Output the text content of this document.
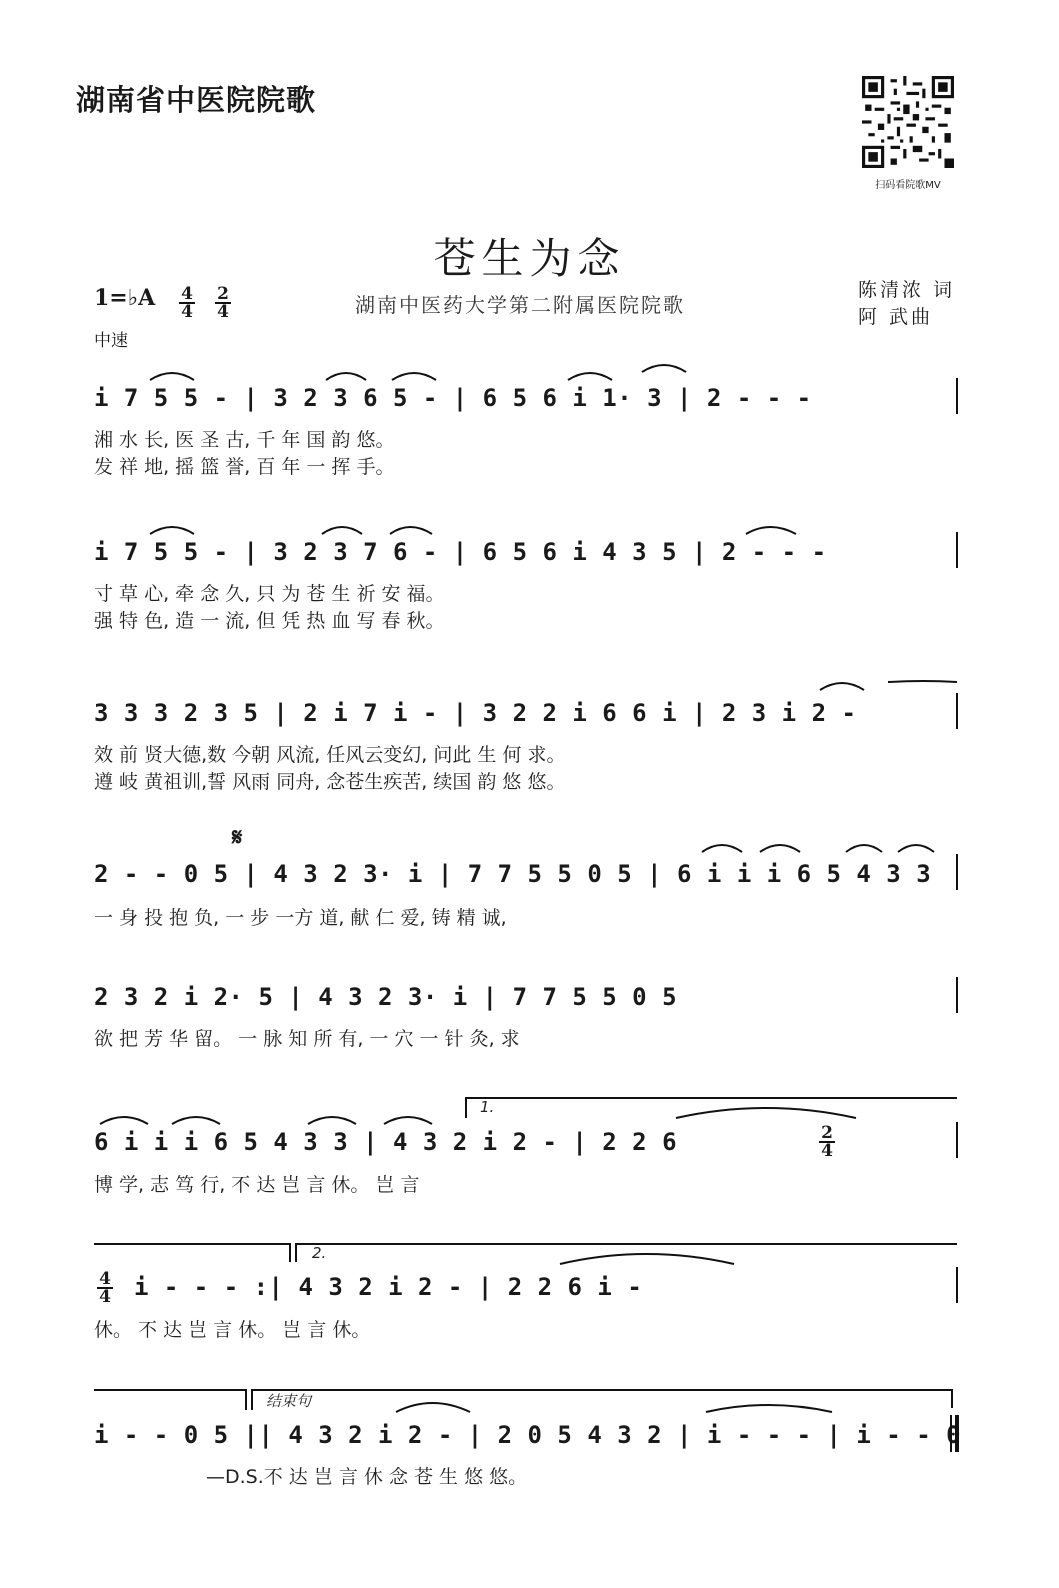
湖南省中医院院歌
扫码看院歌MV
苍生为念
湖南中医药大学第二附属医院院歌
陈清浓 词
阿 武曲
1=♭A 4
4
2
4
中速
i 7 5 5 - | 3 2 3 6 5 - | 6 5 6 i 1· 3 | 2 - - -
湘 水 长, 医 圣 古, 千 年 国 韵 悠。
发 祥 地, 摇 篮 誉, 百 年 一 挥 手。
i 7 5 5 - | 3 2 3 7 6 - | 6 5 6 i 4 3 5 | 2 - - -
寸 草 心, 牵 念 久, 只 为 苍 生 祈 安 福。
强 特 色, 造 一 流, 但 凭 热 血 写 春 秋。
3 3 3 2 3 5 | 2 i 7 i - | 3 2 2 i 6 6 i | 2 3 i 2 -
效 前 贤大德,数 今朝 风流, 任风云变幻, 问此 生 何 求。
遵 岐 黄祖训,誓 风雨 同舟, 念苍生疾苦, 续国 韵 悠 悠。
𝄋
2 - - 0 5 | 4 3 2 3· i | 7 7 5 5 0 5 | 6 i i i 6 5 4 3 3
一 身 投 抱 负, 一 步 一方 道, 献 仁 爱, 铸 精 诚,
2 3 2 i 2· 5 | 4 3 2 3· i | 7 7 5 5 0 5
欲 把 芳 华 留。 一 脉 知 所 有, 一 穴 一 针 灸, 求
1.
6 i i i 6 5 4 3 3 | 4 3 2 i 2 - | 2 2 6	2
4
博 学, 志 笃 行, 不 达 岂 言 休。 岂 言
2.
4
4 i - - - :| 4 3 2 i 2 - | 2 2 6 i -
休。 不 达 岂 言 休。 岂 言 休。
结束句
i - - 0 5 || 4 3 2 i 2 - | 2 0 5 4 3 2 | i - - - | i - - 0
—D.S.不 达 岂 言 休 念 苍 生 悠 悠。
